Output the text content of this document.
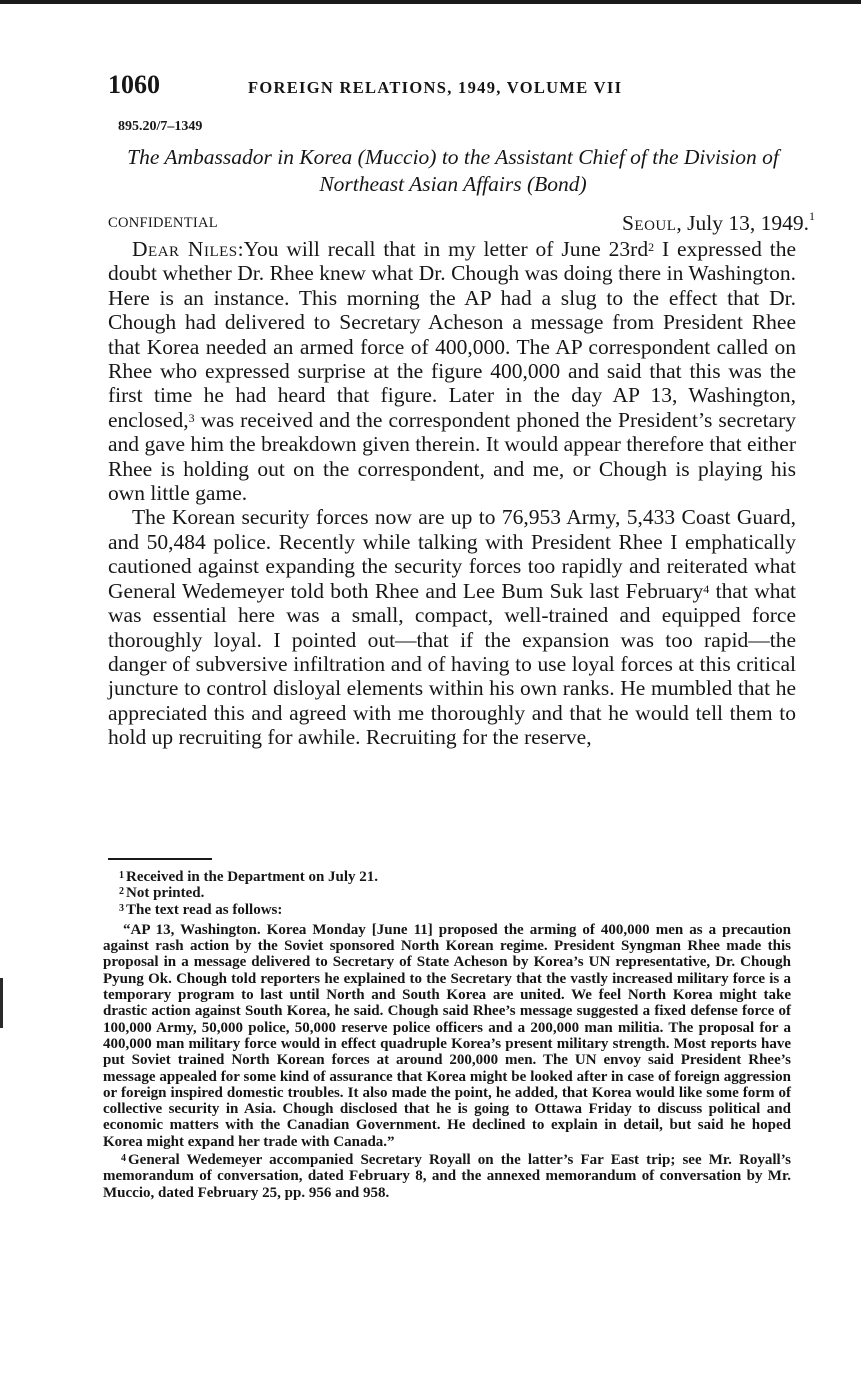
1060	FOREIGN RELATIONS, 1949, VOLUME VII
895.20/7–1349
The Ambassador in Korea (Muccio) to the Assistant Chief of the Division of Northeast Asian Affairs (Bond)
CONFIDENTIAL	Seoul, July 13, 1949.$^1$

Dear Niles:You will recall that in my letter of June 23rd$^2$ I expressed the doubt whether Dr. Rhee knew what Dr. Chough was doing there in Washington. Here is an instance. This morning the AP had a slug to the effect that Dr. Chough had delivered to Secretary Acheson a message from President Rhee that Korea needed an armed force of 400,000. The AP correspondent called on Rhee who expressed surprise at the figure 400,000 and said that this was the first time he had heard that figure. Later in the day AP 13, Washington, enclosed,$^3$ was received and the correspondent phoned the President’s secretary and gave him the breakdown given therein. It would appear therefore that either Rhee is holding out on the correspondent, and me, or Chough is playing his own little game.

The Korean security forces now are up to 76,953 Army, 5,433 Coast Guard, and 50,484 police. Recently while talking with President Rhee I emphatically cautioned against expanding the security forces too rapidly and reiterated what General Wedemeyer told both Rhee and Lee Bum Suk last February$^4$ that what was essential here was a small, compact, well-trained and equipped force thoroughly loyal. I pointed out—that if the expansion was too rapid—the danger of subversive infiltration and of having to use loyal forces at this critical juncture to control disloyal elements within his own ranks. He mumbled that he appreciated this and agreed with me thoroughly and that he would tell them to hold up recruiting for awhile. Recruiting for the reserve,

$^1$ Received in the Department on July 21.

$^2$ Not printed.

$^3$ The text read as follows:

“AP 13, Washington. Korea Monday [June 11] proposed the arming of 400,000 men as a precaution against rash action by the Soviet sponsored North Korean regime. President Syngman Rhee made this proposal in a message delivered to Secretary of State Acheson by Korea’s UN representative, Dr. Chough Pyung Ok. Chough told reporters he explained to the Secretary that the vastly increased military force is a temporary program to last until North and South Korea are united. We feel North Korea might take drastic action against South Korea, he said. Chough said Rhee’s message suggested a fixed defense force of 100,000 Army, 50,000 police, 50,000 reserve police officers and a 200,000 man militia. The proposal for a 400,000 man military force would in effect quadruple Korea’s present military strength. Most reports have put Soviet trained North Korean forces at around 200,000 men. The UN envoy said President Rhee’s message appealed for some kind of assurance that Korea might be looked after in case of foreign aggression or foreign inspired domestic troubles. It also made the point, he added, that Korea would like some form of collective security in Asia. Chough disclosed that he is going to Ottawa Friday to discuss political and economic matters with the Canadian Government. He declined to explain in detail, but said he hoped Korea might expand her trade with Canada.”

$^4$ General Wedemeyer accompanied Secretary Royall on the latter’s Far East trip; see Mr. Royall’s memorandum of conversation, dated February 8, and the annexed memorandum of conversation by Mr. Muccio, dated February 25, pp. 956 and 958.
